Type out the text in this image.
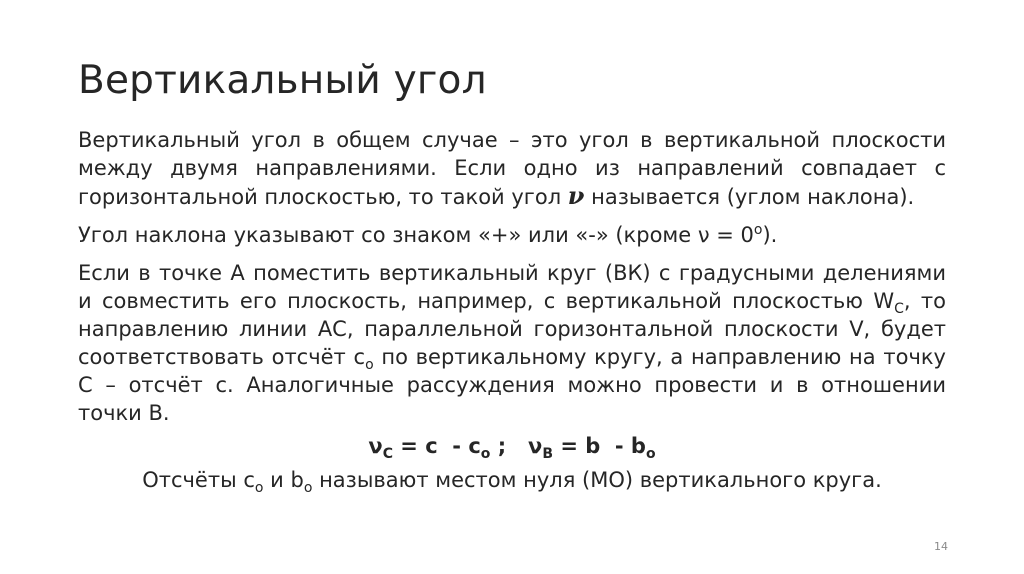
Вертикальный угол

Вертикальный угол в общем случае – это угол в вертикальной плоскости между двумя направлениями. Если одно из направлений совпадает с горизонтальной плоскостью, то такой угол ν называется (углом наклона).

Угол наклона указывают со знаком «+» или «-» (кроме $\nu = 0^о$).

Если в точке А поместить вертикальный круг (ВК) с градусными делениями и совместить его плоскость, например, с вертикальной плоскостью $W_C$, то направлению линии АС, параллельной горизонтальной плоскости V, будет соответствовать отсчёт $c_o$ по вертикальному кругу, а направлению на точку С – отсчёт c. Аналогичные рассуждения можно провести и в отношении точки B.

$\nu_C = c - c_o$ ;   $\nu_B = b - b_o$
Отсчёты $c_o$ и $b_o$ называют местом нуля (МО) вертикального круга.
14
